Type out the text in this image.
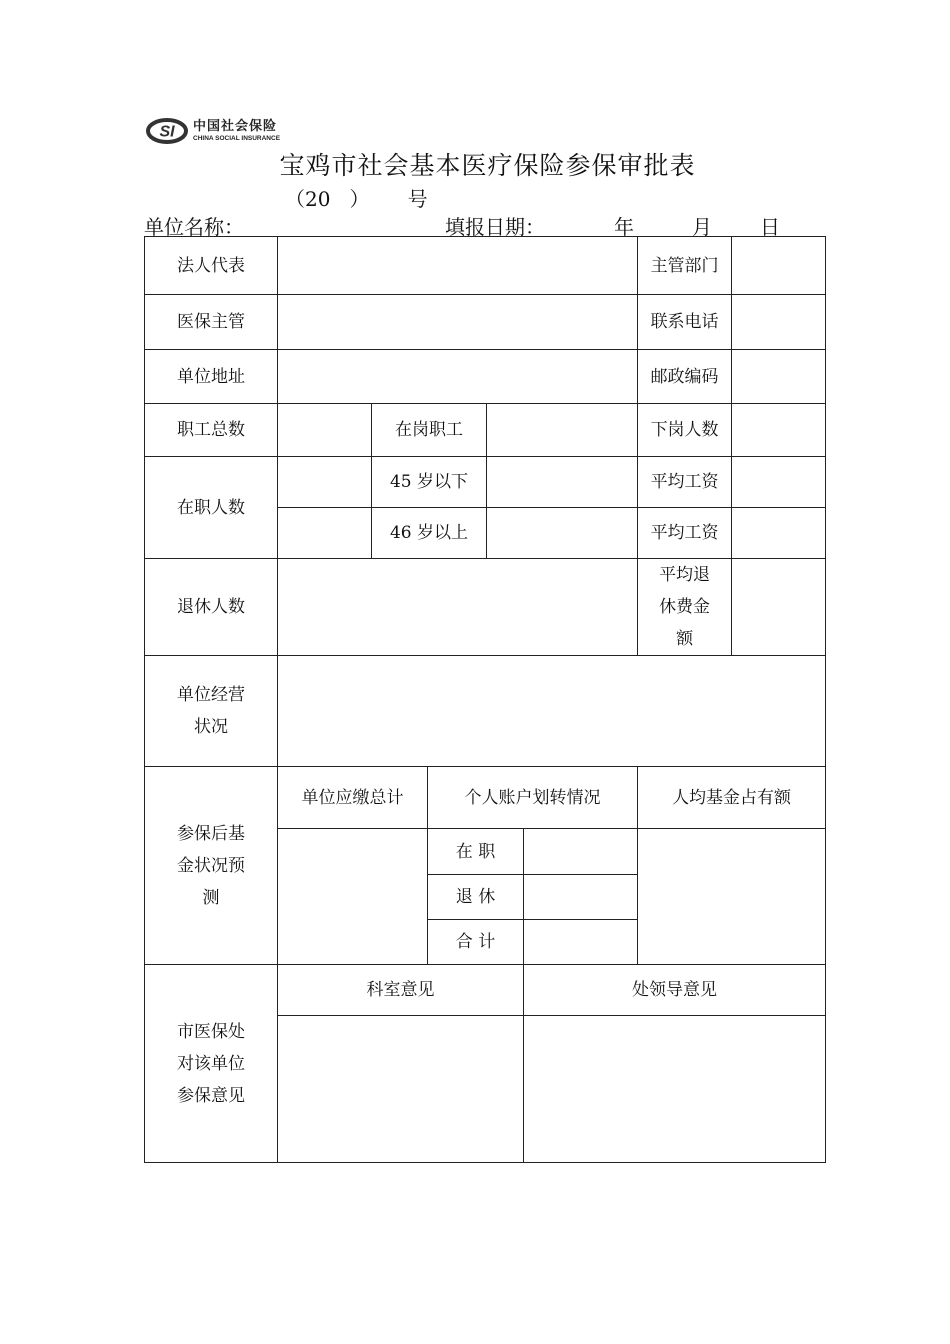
SI 中国社会保险
CHINA SOCIAL INSURANCE
宝鸡市社会基本医疗保险参保审批表
（20   ）      号
单位名称：	填报日期：	年	月 日
法人代表						主管部门	
医保主管						联系电话	
单位地址						邮政编码	
职工总数		在岗职工				下岗人数	
在职人数		45 岁以下				平均工资	
		46 岁以上				平均工资	
退休人数						平均退休费金额	
单位经营状况							
参保后基金状况预测	单位应缴总计		个人账户划转情况			人均基金占有额	
			在 职				
			退 休				
			合 计				
市医保处对该单位参保意见	科室意见				处领导意见		
